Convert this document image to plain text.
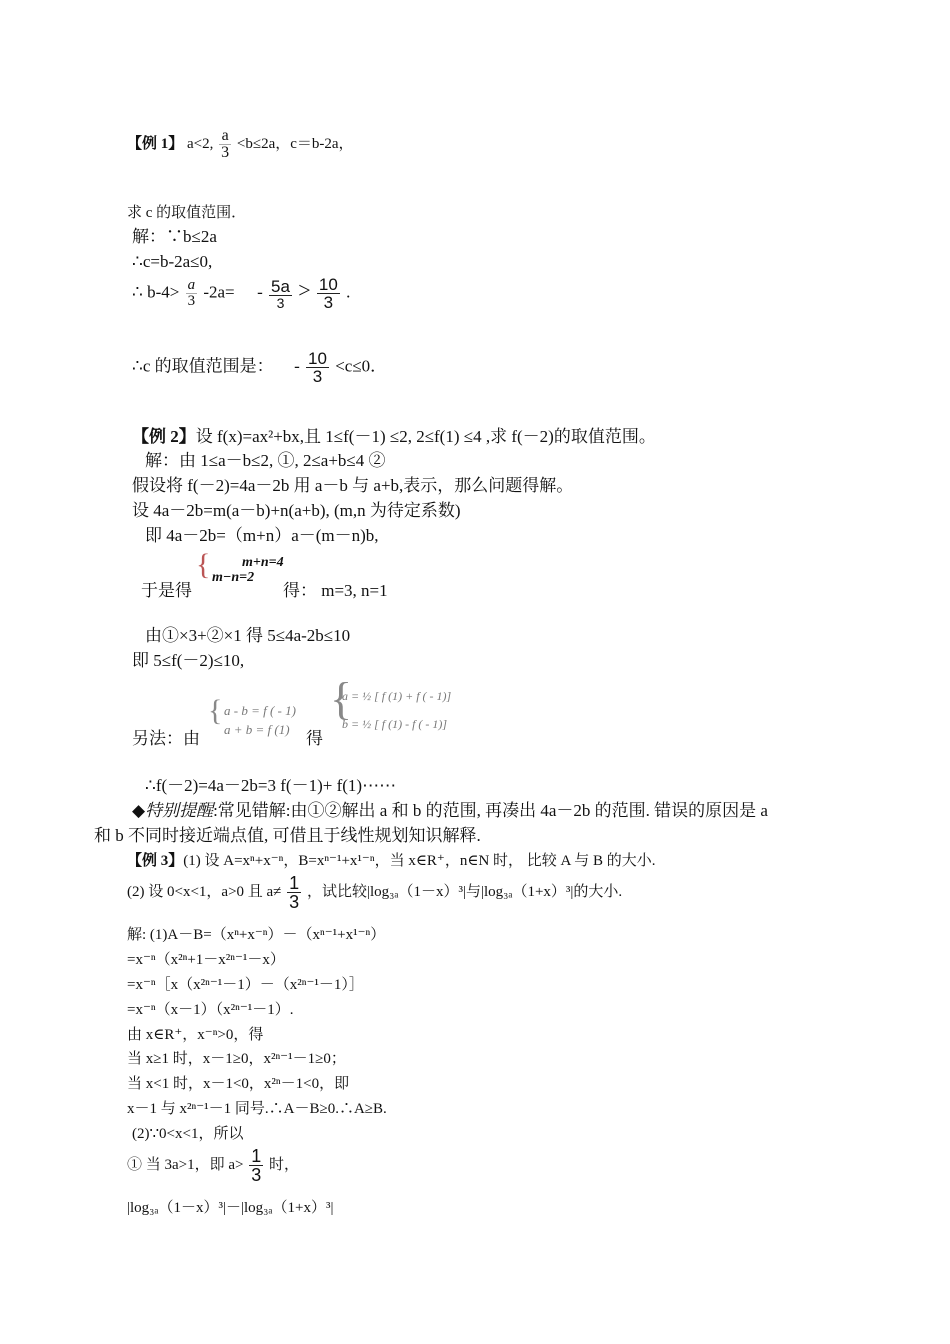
【例 1】 a<2, $\frac{a}{3} <b\le 2a$，c＝b-2a，
求 c 的取值范围．
解：∵b≤2a
∴c=b-2a≤0,
∴ $b-4> \frac{a}{3} -2a= - \frac{5a}{3} > \frac{10}{3}$ .
∴c 的取值范围是： - $\frac{10}{3} <c\le 0$．
【例 2】设 f(x)=ax²+bx,且 1≤f(－1) ≤2, 2≤f(1) ≤4 ,求 f(－2)的取值范围。
解：由 1≤a－b≤2, ①, 2≤a+b≤4 ②
假设将 f(－2)=4a－2b 用 a－b 与 a+b,表示，那么问题得解。
设 4a－2b=m(a－b)+n(a+b), (m,n 为待定系数)
即 4a－2b=（m+n）a－(m－n)b,
于是得
{	m+n=4
m−n=2
得： m=3, n=1
由①×3+②×1 得 5≤4a-2b≤10
即 5≤f(－2)≤10,
另法：由
{ a - b = f ( - 1)
a + b = f (1) 得
{
a = ½ [ f (1) + f ( - 1)]
b = ½ [ f (1) - f ( - 1)]
∴f(－2)=4a－2b=3 f(－1)+ f(1)⋯⋯
◆特别提醒:常见错解:由①②解出 a 和 b 的范围, 再凑出 4a－2b 的范围. 错误的原因是 a
和 b 不同时接近端点值, 可借且于线性规划知识解释.
【例 3】(1) 设 A=xⁿ+x⁻ⁿ，B=xⁿ⁻¹+x¹⁻ⁿ，当 x∈R⁺，n∈N 时， 比较 A 与 B 的大小.
(2) 设 0<x<1，a>0 且 $a\ne \frac{1}{3}$ ，试比较|log₃ₐ（1－x）³|与|log₃ₐ（1+x）³|的大小.
解: (1)A－B=（xⁿ+x⁻ⁿ）－（xⁿ⁻¹+x¹⁻ⁿ）
=x⁻ⁿ（x²ⁿ+1－x²ⁿ⁻¹－x）
=x⁻ⁿ［x（x²ⁿ⁻¹－1）－（x²ⁿ⁻¹－1）］
=x⁻ⁿ（x－1）（x²ⁿ⁻¹－1）.
由 x∈R⁺，x⁻ⁿ>0，得
当 x≥1 时，x－1≥0，x²ⁿ⁻¹－1≥0；
当 x<1 时，x－1<0，x²ⁿ－1<0，即
x－1 与 x²ⁿ⁻¹－1 同号.∴A－B≥0.∴A≥B.
(2)∵0<x<1，所以
① 当 3a>1，即 $a> \frac{1}{3}$ 时，
|log₃ₐ（1－x）³|－|log₃ₐ（1+x）³|
